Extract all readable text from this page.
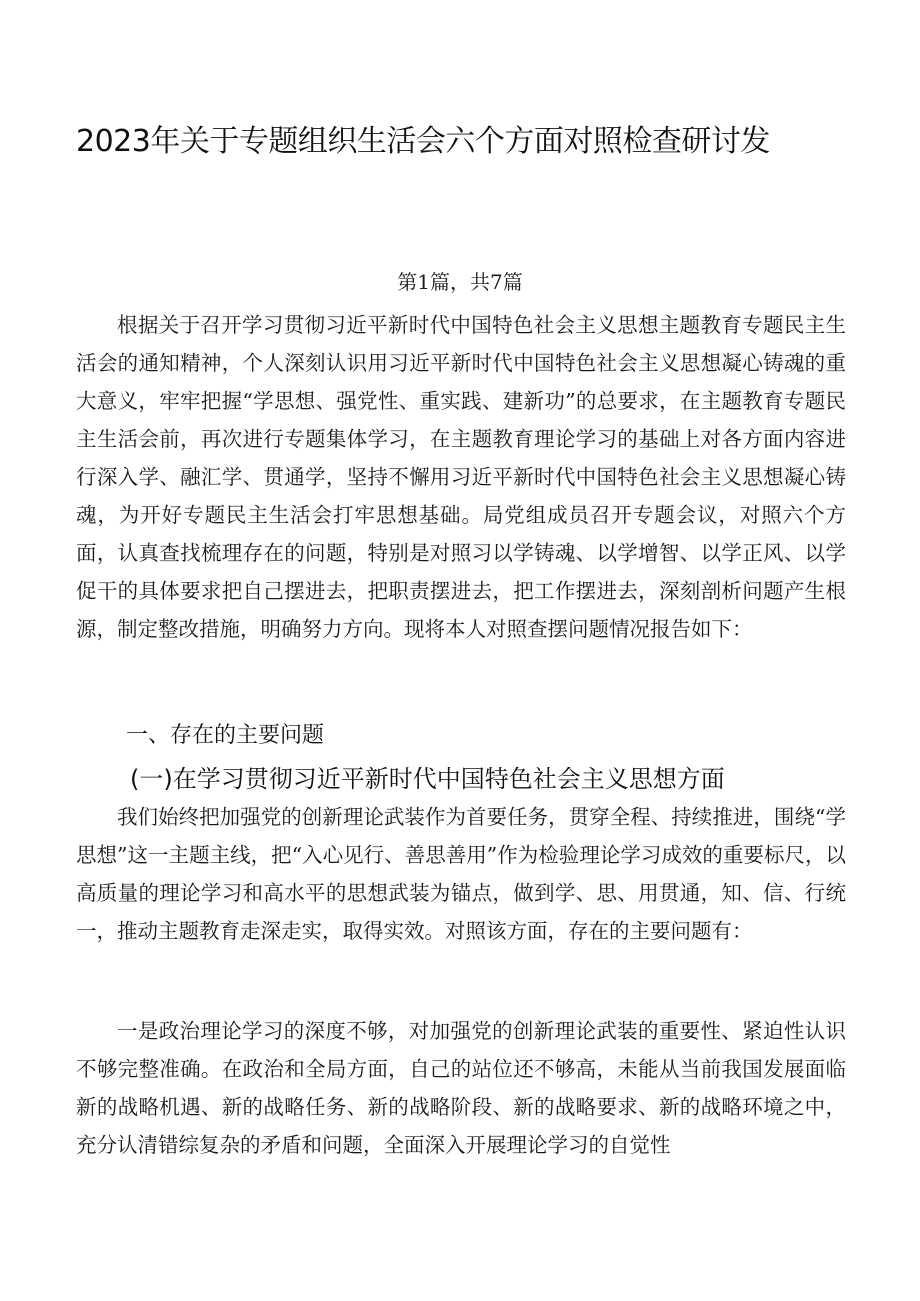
2023年关于专题组织生活会六个方面对照检查研讨发
第1篇，共7篇

根据关于召开学习贯彻习近平新时代中国特色社会主义思想主题教育专题民主生活会的通知精神，个人深刻认识用习近平新时代中国特色社会主义思想凝心铸魂的重大意义，牢牢把握“学思想、强党性、重实践、建新功”的总要求，在主题教育专题民主生活会前，再次进行专题集体学习，在主题教育理论学习的基础上对各方面内容进行深入学、融汇学、贯通学，坚持不懈用习近平新时代中国特色社会主义思想凝心铸魂，为开好专题民主生活会打牢思想基础。局党组成员召开专题会议，对照六个方面，认真查找梳理存在的问题，特别是对照习以学铸魂、以学增智、以学正风、以学促干的具体要求把自己摆进去，把职责摆进去，把工作摆进去，深刻剖析问题产生根源，制定整改措施，明确努力方向。现将本人对照查摆问题情况报告如下：

一、存在的主要问题
(一)在学习贯彻习近平新时代中国特色社会主义思想方面

我们始终把加强党的创新理论武装作为首要任务，贯穿全程、持续推进，围绕“学思想”这一主题主线，把“入心见行、善思善用”作为检验理论学习成效的重要标尺，以高质量的理论学习和高水平的思想武装为锚点，做到学、思、用贯通，知、信、行统一，推动主题教育走深走实，取得实效。对照该方面，存在的主要问题有：

一是政治理论学习的深度不够，对加强党的创新理论武装的重要性、紧迫性认识不够完整准确。在政治和全局方面，自己的站位还不够高，未能从当前我国发展面临新的战略机遇、新的战略任务、新的战略阶段、新的战略要求、新的战略环境之中，充分认清错综复杂的矛盾和问题，全面深入开展理论学习的自觉性
